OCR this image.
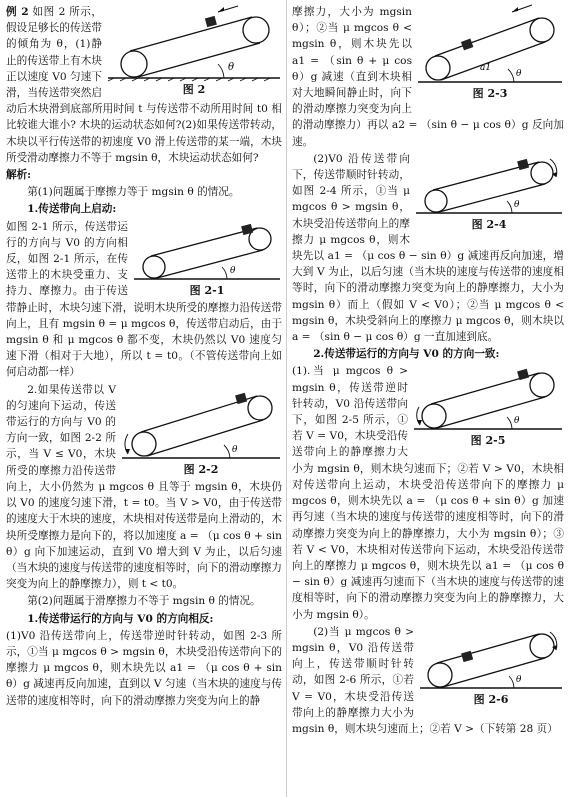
θ
图 2

例 2 如图 2 所示，假设足够长的传送带的倾角为 θ，(1)静止的传送带上有木块正以速度 V0 匀速下滑，当传送带突然启动后木块滑到底部所用时间 t 与传送带不动所用时间 t0 相比较谁大谁小? 木块的运动状态如何?(2)如果传送带转动，木块以平行传送带的初速度 V0 滑上传送带的某一端，木块所受滑动摩擦力不等于 mgsin θ，木块运动状态如何?

解析:

第(1)问题属于摩擦力等于 mgsin θ 的情况。

1.传送带向上启动:

θ
图 2-1

如图 2-1 所示，传送带运行的方向与 V0 的方向相反，如图 2-1 所示，在传送带上的木块受重力、支持力、摩擦力。由于传送带静止时，木块匀速下滑，说明木块所受的摩擦力沿传送带向上，且有 mgsin θ = μ mgcos θ，传送带启动后，由于 mgsin θ 和 μ mgcos θ 都不变，木块仍然以 V0 速度匀速下滑（相对于大地），所以 t = t0。（不管传送带向上如何启动都一样）

θ
图 2-2

2.如果传送带以 V 的匀速向下运动，传送带运行的方向与 V0 的方向一致，如图 2-2 所示，当 V ≤ V0，木块所受的摩擦力沿传送带向上，大小仍然为 μ mgcos θ 且等于 mgsin θ，木块仍以 V0 的速度匀速下滑，t = t0。当 V > V0，由于传送带的速度大于木块的速度，木块相对传送带是向上滑动的，木块所受摩擦力是向下的，将以加速度 a = （μ cos θ + sin θ）g 向下加速运动，直到 V0 增大到 V 为止，以后匀速（当木块的速度与传送带的速度相等时，向下的滑动摩擦力突变为向上的静摩擦力），则 t < t0。

第(2)问题属于滑摩擦力不等于 mgsin θ 的情况。

1.传送带运行的方向与 V0 的方向相反:

(1)V0 沿传送带向上，传送带逆时针转动，如图 2-3 所示，①当 μ mgcos θ > mgsin θ，木块受沿传送带向下的摩擦力 μ mgcos θ，则木块先以 a1 = （μ cos θ + sin θ）g 减速再反向加速，直到以 V 匀速（当木块的速度与传送带的速度相等时，向下的滑动摩擦力突变为向上的静

a1
θ
图 2-3

摩擦力，大小为 mgsin θ）；②当 μ mgcos θ < mgsin θ，则木块先以 a1 = （sin θ + μ cos θ）g 减速（直到木块相对大地瞬间静止时，向下的滑动摩擦力突变为向上的滑动摩擦力）再以 a2 = （sin θ − μ cos θ）g 反向加速。

θ
图 2-4

(2)V0 沿传送带向下，传送带顺时针转动，如图 2-4 所示，①当 μ mgcos θ > mgsin θ，木块受沿传送带向上的摩擦力 μ mgcos θ，则木块先以 a1 = （μ cos θ − sin θ）g 减速再反向加速，增大到 V 为止，以后匀速（当木块的速度与传送带的速度相等时，向下的滑动摩擦力突变为向上的静摩擦力，大小为 mgsin θ）而上（假如 V < V0）；②当 μ mgcos θ < mgsin θ，木块受斜向上的摩擦力 μ mgcos θ，则木块以 a = （sin θ − μ cos θ）g 一直加速到底。

2.传送带运行的方向与 V0 的方向一致:

θ
图 2-5

(1).当 μ mgcos θ > mgsin θ，传送带逆时针转动，V0 沿传送带向下，如图 2-5 所示，①若 V = V0，木块受沿传送带向上的静摩擦力大小为 mgsin θ，则木块匀速而下；②若 V > V0，木块相对传送带向上运动，木块受沿传送带向下的摩擦力 μ mgcos θ，则木块先以 a = （μ cos θ + sin θ）g 加速再匀速（当木块的速度与传送带的速度相等时，向下的滑动摩擦力突变为向上的静摩擦力，大小为 mgsin θ）；③若 V < V0，木块相对传送带向下运动，木块受沿传送带向上的摩擦力 μ mgcos θ，则木块先以 a1 = （μ cos θ − sin θ）g 减速再匀速而下（当木块的速度与传送带的速度相等时，向下的滑动摩擦力突变为向上的静摩擦力，大小为 mgsin θ）。

θ
图 2-6

(2)当 μ mgcos θ > mgsin θ，V0 沿传送带向上，传送带顺时针转动，如图 2-6 所示，①若 V = V0，木块受沿传送带向上的静摩擦力大小为 mgsin θ，则木块匀速而上；②若 V >（下转第 28 页）
